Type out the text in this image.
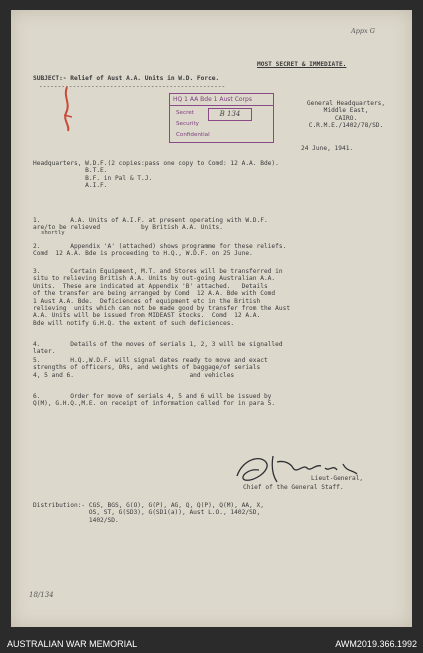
Appx G
MOST SECRET & IMMEDIATE.
SUBJECT:- Relief of Aust A.A. Units in W.D. Force.
--------------------------------------------------
HQ 1 AA Bde 1 Aust Corps
Secret
Security
Confidential
B 134
General Headquarters,
Middle East,
CAIRO.
C.R.M.E./1402/78/SD.
24 June, 1941.
Headquarters, W.D.F.(2 copies:pass one copy to Comd: 12 A.A. Bde).
B.T.E.
B.F. in Pal & T.J.
A.I.F.
1.        A.A. Units of A.I.F. at present operating with W.D.F.
are/to be relieved           by British A.A. Units.
shortly
2.        Appendix 'A' (attached) shows programme for these reliefs.
Comd  12 A.A. Bde is proceeding to H.Q., W.D.F. on 25 June.
3.        Certain Equipment, M.T. and Stores will be transferred in
situ to relieving British A.A. Units by out-going Australian A.A.
Units.  These are indicated at Appendix 'B' attached.   Details
of the transfer are being arranged by Comd  12 A.A. Bde with Comd
1 Aust A.A. Bde.  Deficiences of equipment etc in the British
relieving  units which can not be made good by transfer from the Aust
A.A. Units will be issued from MIDEAST stocks.  Comd  12 A.A.
Bde will notify G.H.Q. the extent of such deficiences.
4.        Details of the moves of serials 1, 2, 3 will be signalled
later.
5.        H.Q.,W.D.F. will signal dates ready to move and exact
strengths of officers, ORs, and weights of baggage/of serials
4, 5 and 6.                               and vehicles
6.        Order for move of serials 4, 5 and 6 will be issued by
Q(M), G.H.Q.,M.E. on receipt of information called for in para 5.
Lieut-General,
Chief of the General Staff.
Distribution:- CGS, BGS, G(O), G(P), AG, Q, Q(P), Q(M), AA, X,
OS, ST, G(SD3), G(SD1(a)), Aust L.O., 1402/SD,
1402/SD.
18/134
AUSTRALIAN WAR MEMORIAL	AWM2019.366.1992
